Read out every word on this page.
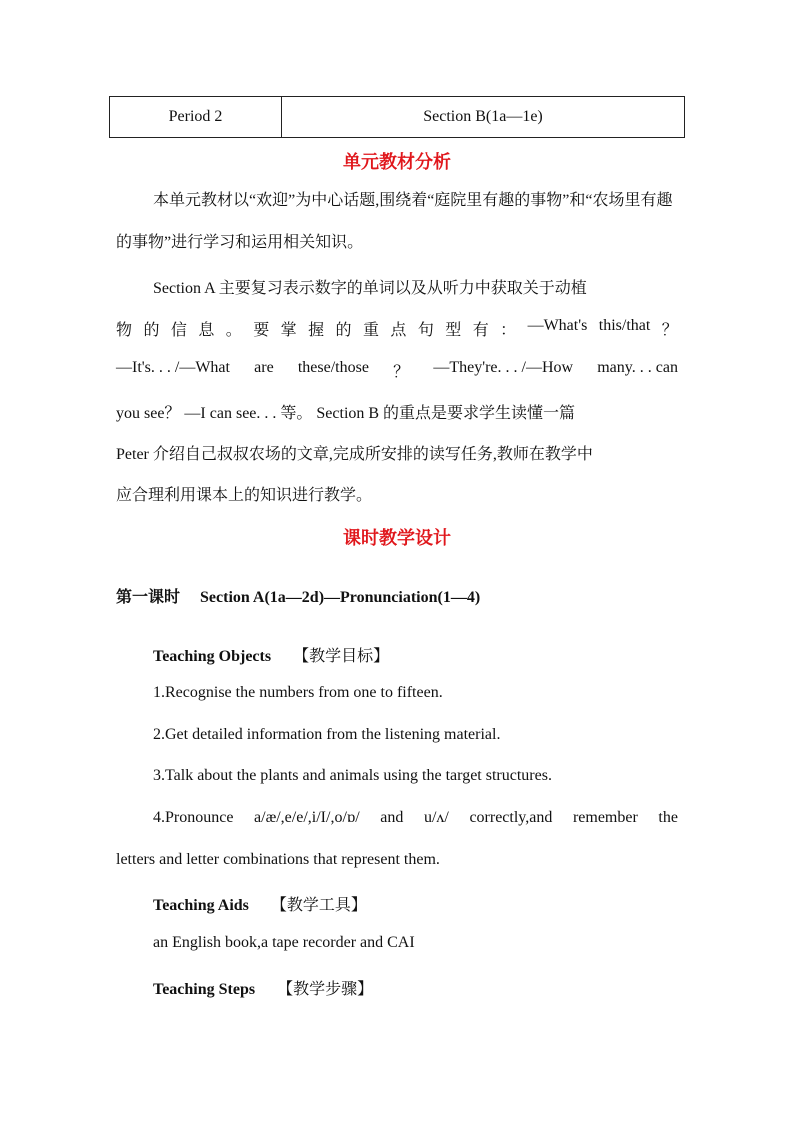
Period 2	Section B(1a—1e)
单元教材分析

本单元教材以“欢迎”为中心话题,围绕着“庭院里有趣的事物”和“农场里有趣的事物”进行学习和运用相关知识。

Section A 主要复习表示数字的单词以及从听力中获取关于动植

物 的 信 息 。 要 掌 握 的 重 点 句 型 有 ： —What's this/that ？
—It's. . . /—What are these/those ？ —They're. . . /—How many. . . can

you see？ —I can see. . . 等。 Section B 的重点是要求学生读懂一篇

Peter 介绍自己叔叔农场的文章,完成所安排的读写任务,教师在教学中

应合理利用课本上的知识进行教学。

课时教学设计
第一课时 Section A(1a—2d)—Pronunciation(1—4)
Teaching Objects 【教学目标】

1.Recognise the numbers from one to fifteen.

2.Get detailed information from the listening material.

3.Talk about the plants and animals using the target structures.

4.Pronounce a/æ/,e/e/,i/I/,o/ɒ/ and u/ʌ/ correctly,and remember the

letters and letter combinations that represent them.

Teaching Aids 【教学工具】

an English book,a tape recorder and CAI

Teaching Steps 【教学步骤】
